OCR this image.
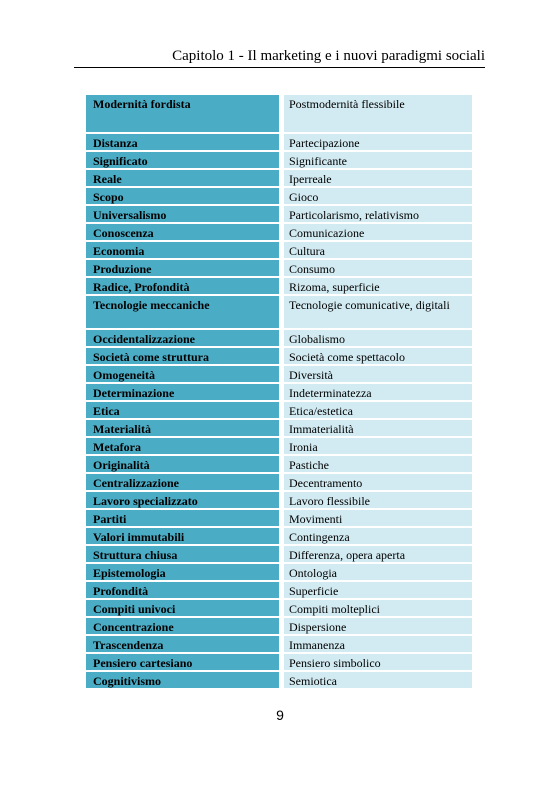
Capitolo 1 - Il marketing e i nuovi paradigmi sociali
Modernità fordista	Postmodernità flessibile
Distanza	Partecipazione
Significato	Significante
Reale	Iperreale
Scopo	Gioco
Universalismo	Particolarismo, relativismo
Conoscenza	Comunicazione
Economia	Cultura
Produzione	Consumo
Radice, Profondità	Rizoma, superficie
Tecnologie meccaniche	Tecnologie comunicative, digitali
Occidentalizzazione	Globalismo
Società come struttura	Società come spettacolo
Omogeneità	Diversità
Determinazione	Indeterminatezza
Etica	Etica/estetica
Materialità	Immaterialità
Metafora	Ironia
Originalità	Pastiche
Centralizzazione	Decentramento
Lavoro specializzato	Lavoro flessibile
Partiti	Movimenti
Valori immutabili	Contingenza
Struttura chiusa	Differenza, opera aperta
Epistemologia	Ontologia
Profondità	Superficie
Compiti univoci	Compiti molteplici
Concentrazione	Dispersione
Trascendenza	Immanenza
Pensiero cartesiano	Pensiero simbolico
Cognitivismo	Semiotica
9
